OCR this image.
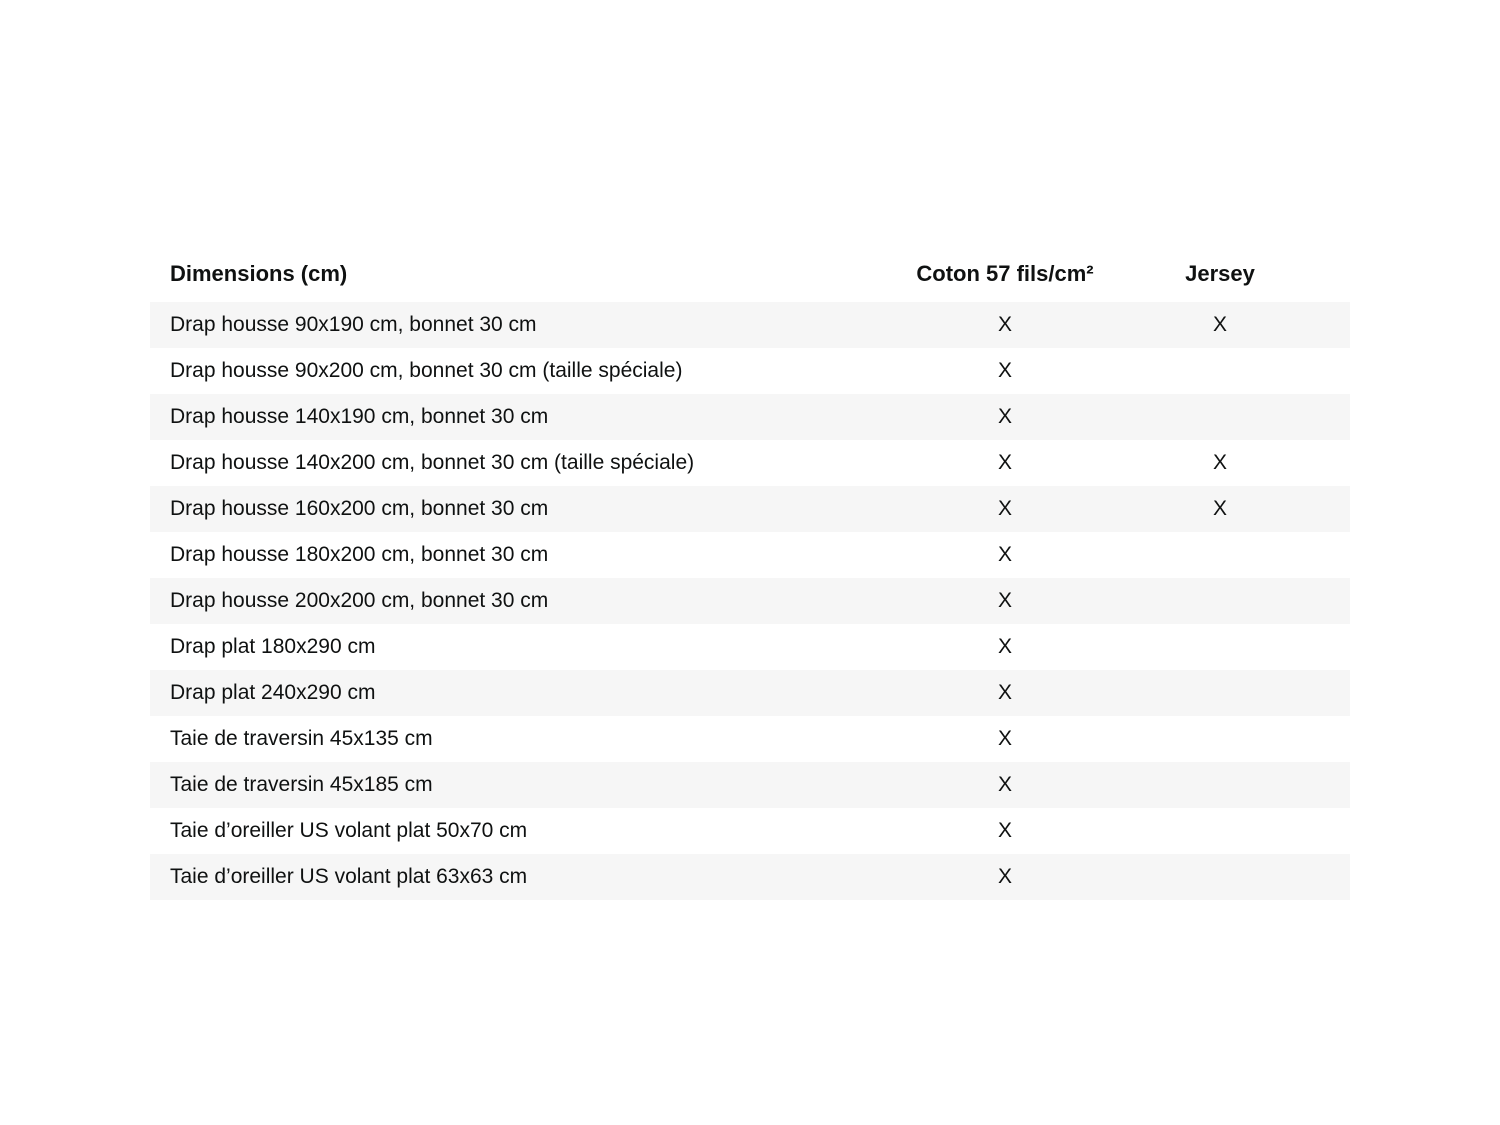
Dimensions (cm)	Coton 57 fils/cm²	Jersey	
Drap housse 90x190 cm, bonnet 30 cm	X	X	
Drap housse 90x200 cm, bonnet 30 cm (taille spéciale)	X		
Drap housse 140x190 cm, bonnet 30 cm	X		
Drap housse 140x200 cm, bonnet 30 cm (taille spéciale)	X	X	
Drap housse 160x200 cm, bonnet 30 cm	X	X	
Drap housse 180x200 cm, bonnet 30 cm	X		
Drap housse 200x200 cm, bonnet 30 cm	X		
Drap plat 180x290 cm	X		
Drap plat 240x290 cm	X		
Taie de traversin 45x135 cm	X		
Taie de traversin 45x185 cm	X		
Taie d’oreiller US volant plat 50x70 cm	X		
Taie d’oreiller US volant plat 63x63 cm	X		
